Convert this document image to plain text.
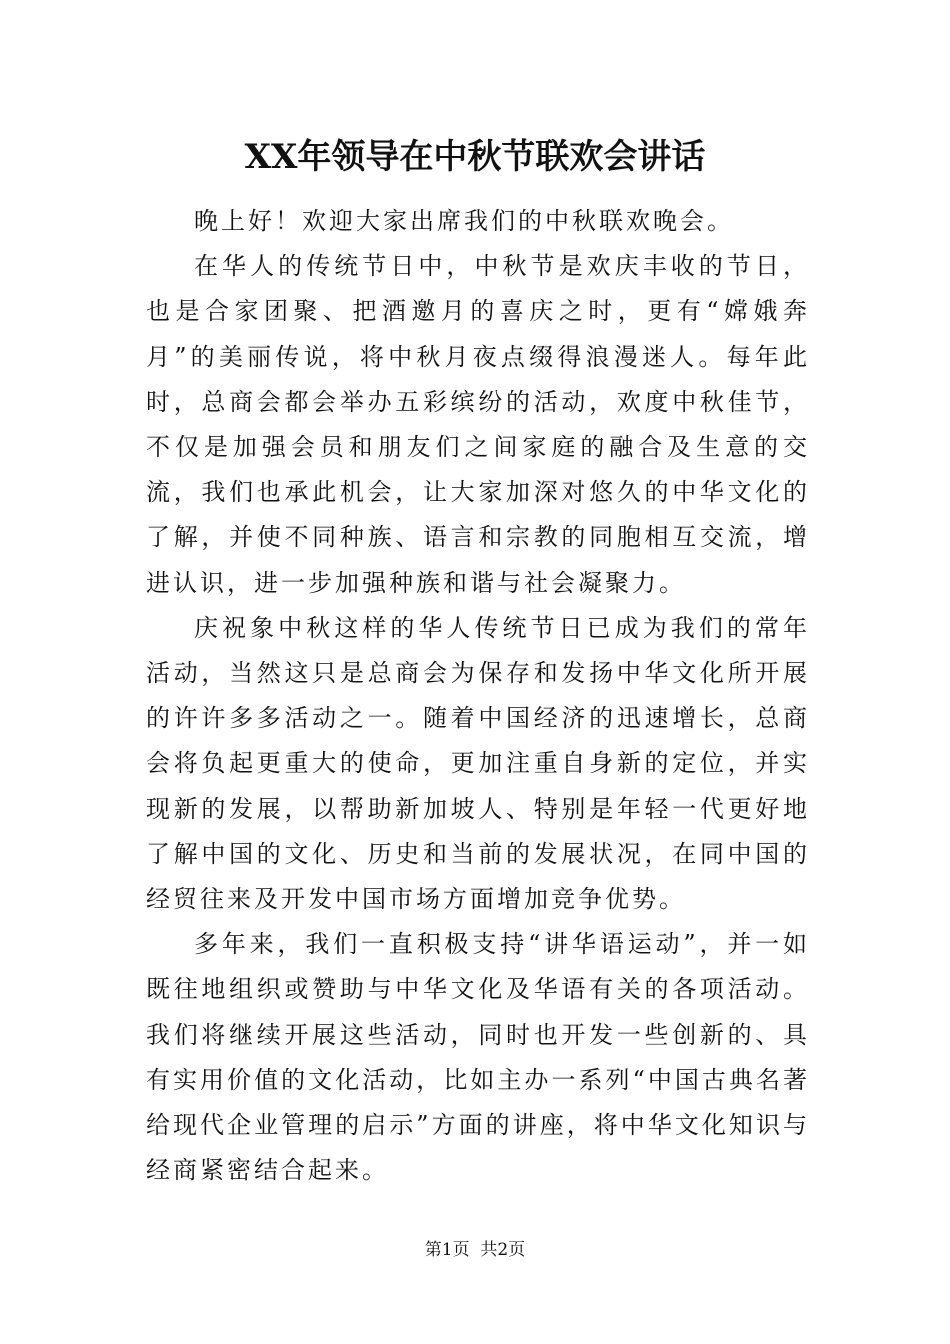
XX年领导在中秋节联欢会讲话

晚上好！欢迎大家出席我们的中秋联欢晚会。

在华人的传统节日中，中秋节是欢庆丰收的节日，也是合家团聚、把酒邀月的喜庆之时，更有“嫦娥奔月”的美丽传说，将中秋月夜点缀得浪漫迷人。每年此时，总商会都会举办五彩缤纷的活动，欢度中秋佳节，不仅是加强会员和朋友们之间家庭的融合及生意的交流，我们也承此机会，让大家加深对悠久的中华文化的了解，并使不同种族、语言和宗教的同胞相互交流，增进认识，进一步加强种族和谐与社会凝聚力。

庆祝象中秋这样的华人传统节日已成为我们的常年活动，当然这只是总商会为保存和发扬中华文化所开展的许许多多活动之一。随着中国经济的迅速增长，总商会将负起更重大的使命，更加注重自身新的定位，并实现新的发展，以帮助新加坡人、特别是年轻一代更好地了解中国的文化、历史和当前的发展状况，在同中国的经贸往来及开发中国市场方面增加竞争优势。

多年来，我们一直积极支持“讲华语运动”，并一如既往地组织或赞助与中华文化及华语有关的各项活动。我们将继续开展这些活动，同时也开发一些创新的、具有实用价值的文化活动，比如主办一系列“中国古典名著给现代企业管理的启示”方面的讲座，将中华文化知识与经商紧密结合起来。

第1页 共2页
